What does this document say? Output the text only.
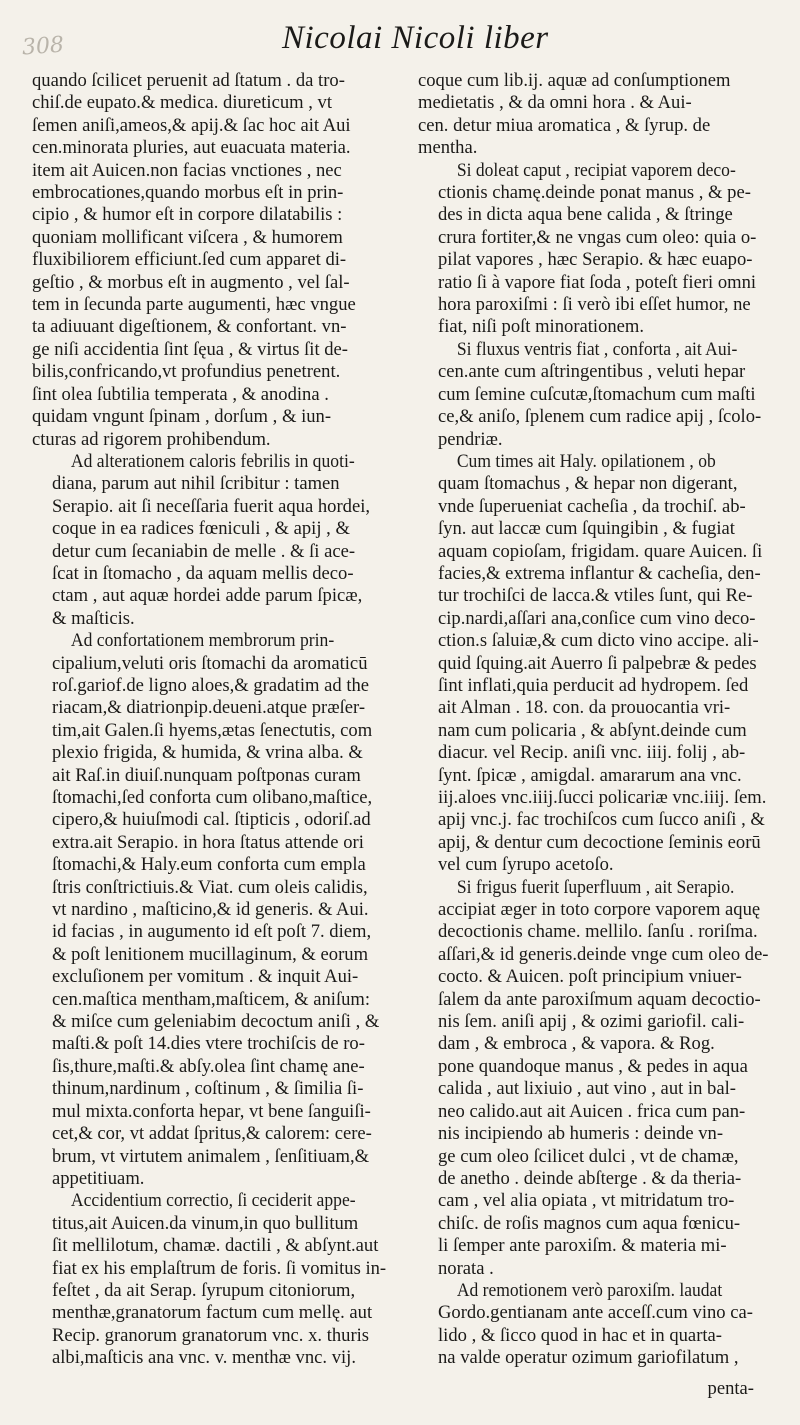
308	Nicolai Nicoli liber

quando ſcilicet peruenit ad ſtatum . da tro-
chiſ.de eupato.& medica. diureticum , vt
ſemen aniſi,ameos,& apij.& ſac hoc ait Aui
cen.minorata pluries, aut euacuata materia.
item ait Auicen.non facias vnctiones , nec
embrocationes,quando morbus eſt in prin-
cipio , & humor eſt in corpore dilatabilis :
quoniam mollificant viſcera , & humorem
fluxibiliorem efficiunt.ſed cum apparet di-
geſtio , & morbus eſt in augmento , vel ſal-
tem in ſecunda parte augumenti, hæc vngue
ta adiuuant digeſtionem, & confortant. vn-
ge niſi accidentia ſint ſęua , & virtus ſit de-
bilis,confricando,vt profundius penetrent.
ſint olea ſubtilia temperata , & anodina .
quidam vngunt ſpinam , dorſum , & iun-
cturas ad rigorem prohibendum.

Ad alterationem caloris febrilis in quoti-

diana, parum aut nihil ſcribitur : tamen
Serapio. ait ſi neceſſaria fuerit aqua hordei,
coque in ea radices fœniculi , & apij , &
detur cum ſecaniabin de melle . & ſi ace-
ſcat in ſtomacho , da aquam mellis deco-
ctam , aut aquæ hordei adde parum ſpicæ,
& maſticis.

Ad confortationem membrorum prin-

cipalium,veluti oris ſtomachi da aromaticū
roſ.gariof.de ligno aloes,& gradatim ad the
riacam,& diatrionpip.deueni.atque præſer-
tim,ait Galen.ſi hyems,ætas ſenectutis, com
plexio frigida, & humida, & vrina alba. &
ait Raſ.in diuiſ.nunquam poſtponas curam
ſtomachi,ſed conforta cum olibano,maſtice,
cipero,& huiuſmodi cal. ſtipticis , odoriſ.ad
extra.ait Serapio. in hora ſtatus attende ori
ſtomachi,& Haly.eum conforta cum empla
ſtris conſtrictiuis.& Viat. cum oleis calidis,
vt nardino , maſticino,& id generis. & Aui.
id facias , in augumento id eſt poſt 7. diem,
& poſt lenitionem mucillaginum, & eorum
excluſionem per vomitum . & inquit Aui-
cen.maſtica mentham,maſticem, & aniſum:
& miſce cum geleniabim decoctum aniſi , &
maſti.& poſt 14.dies vtere trochiſcis de ro-
ſis,thure,maſti.& abſy.olea ſint chamę ane-
thinum,nardinum , coſtinum , & ſimilia ſi-
mul mixta.conforta hepar, vt bene ſanguiſi-
cet,& cor, vt addat ſpritus,& calorem: cere-
brum, vt virtutem animalem , ſenſitiuam,&
appetitiuam.

Accidentium correctio, ſi ceciderit appe-

titus,ait Auicen.da vinum,in quo bullitum
ſit mellilotum, chamæ. dactili , & abſynt.aut
fiat ex his emplaſtrum de foris. ſi vomitus in-
feſtet , da ait Serap. ſyrupum citoniorum,
menthæ,granatorum factum cum mellę. aut
Recip. granorum granatorum vnc. x. thuris
albi,maſticis ana vnc. v. menthæ vnc. vij.

coque cum lib.ij. aquæ ad conſumptionem
medietatis , & da omni hora . & Aui-
cen. detur miua aromatica , & ſyrup. de
mentha.

Si doleat caput , recipiat vaporem deco-

ctionis chamę.deinde ponat manus , & pe-
des in dicta aqua bene calida , & ſtringe
crura fortiter,& ne vngas cum oleo: quia o-
pilat vapores , hæc Serapio. & hæc euapo-
ratio ſi à vapore fiat ſoda , poteſt fieri omni
hora paroxiſmi : ſi verò ibi eſſet humor, ne
fiat, niſi poſt minorationem.

Si fluxus ventris fiat , conforta , ait Aui-

cen.ante cum aſtringentibus , veluti hepar
cum ſemine cuſcutæ,ſtomachum cum maſti
ce,& aniſo, ſplenem cum radice apij , ſcolo-
pendriæ.

Cum times ait Haly. opilationem , ob

quam ſtomachus , & hepar non digerant,
vnde ſuperueniat cacheſia , da trochiſ. ab-
ſyn. aut laccæ cum ſquingibin , & fugiat
aquam copioſam, frigidam. quare Auicen. ſi
facies,& extrema inflantur & cacheſia, den-
tur trochiſci de lacca.& vtiles ſunt, qui Re-
cip.nardi,aſſari ana,conſice cum vino deco-
ction.s ſaluiæ,& cum dicto vino accipe. ali-
quid ſquing.ait Auerro ſi palpebræ & pedes
ſint inflati,quia perducit ad hydropem. ſed
ait Alman . 18. con. da prouocantia vri-
nam cum policaria , & abſynt.deinde cum
diacur. vel Recip. aniſi vnc. iiij. folij , ab-
ſynt. ſpicæ , amigdal. amararum ana vnc.
iij.aloes vnc.iiij.ſucci policariæ vnc.iiij. ſem.
apij vnc.j. fac trochiſcos cum ſucco aniſi , &
apij, & dentur cum decoctione ſeminis eorū
vel cum ſyrupo acetoſo.

Si frigus fuerit ſuperfluum , ait Serapio.

accipiat æger in toto corpore vaporem aquę
decoctionis chame. mellilo. ſanſu . roriſma.
aſſari,& id generis.deinde vnge cum oleo de-

cocto. & Auicen. poſt principium vniuer-
ſalem da ante paroxiſmum aquam decoctio-
nis ſem. aniſi apij , & ozimi gariofil. cali-
dam , & embroca , & vapora. & Rog.
pone quandoque manus , & pedes in aqua
calida , aut lixiuio , aut vino , aut in bal-
neo calido.aut ait Auicen . frica cum pan-
nis incipiendo ab humeris : deinde vn-
ge cum oleo ſcilicet dulci , vt de chamæ,
de anetho . deinde abſterge . & da theria-
cam , vel alia opiata , vt mitridatum tro-
chiſc. de roſis magnos cum aqua fœnicu-
li ſemper ante paroxiſm. & materia mi-
norata .

Ad remotionem verò paroxiſm. laudat

Gordo.gentianam ante acceſſ.cum vino ca-
lido , & ſicco quod in hac et in quarta-
na valde operatur ozimum gariofilatum ,

penta-
